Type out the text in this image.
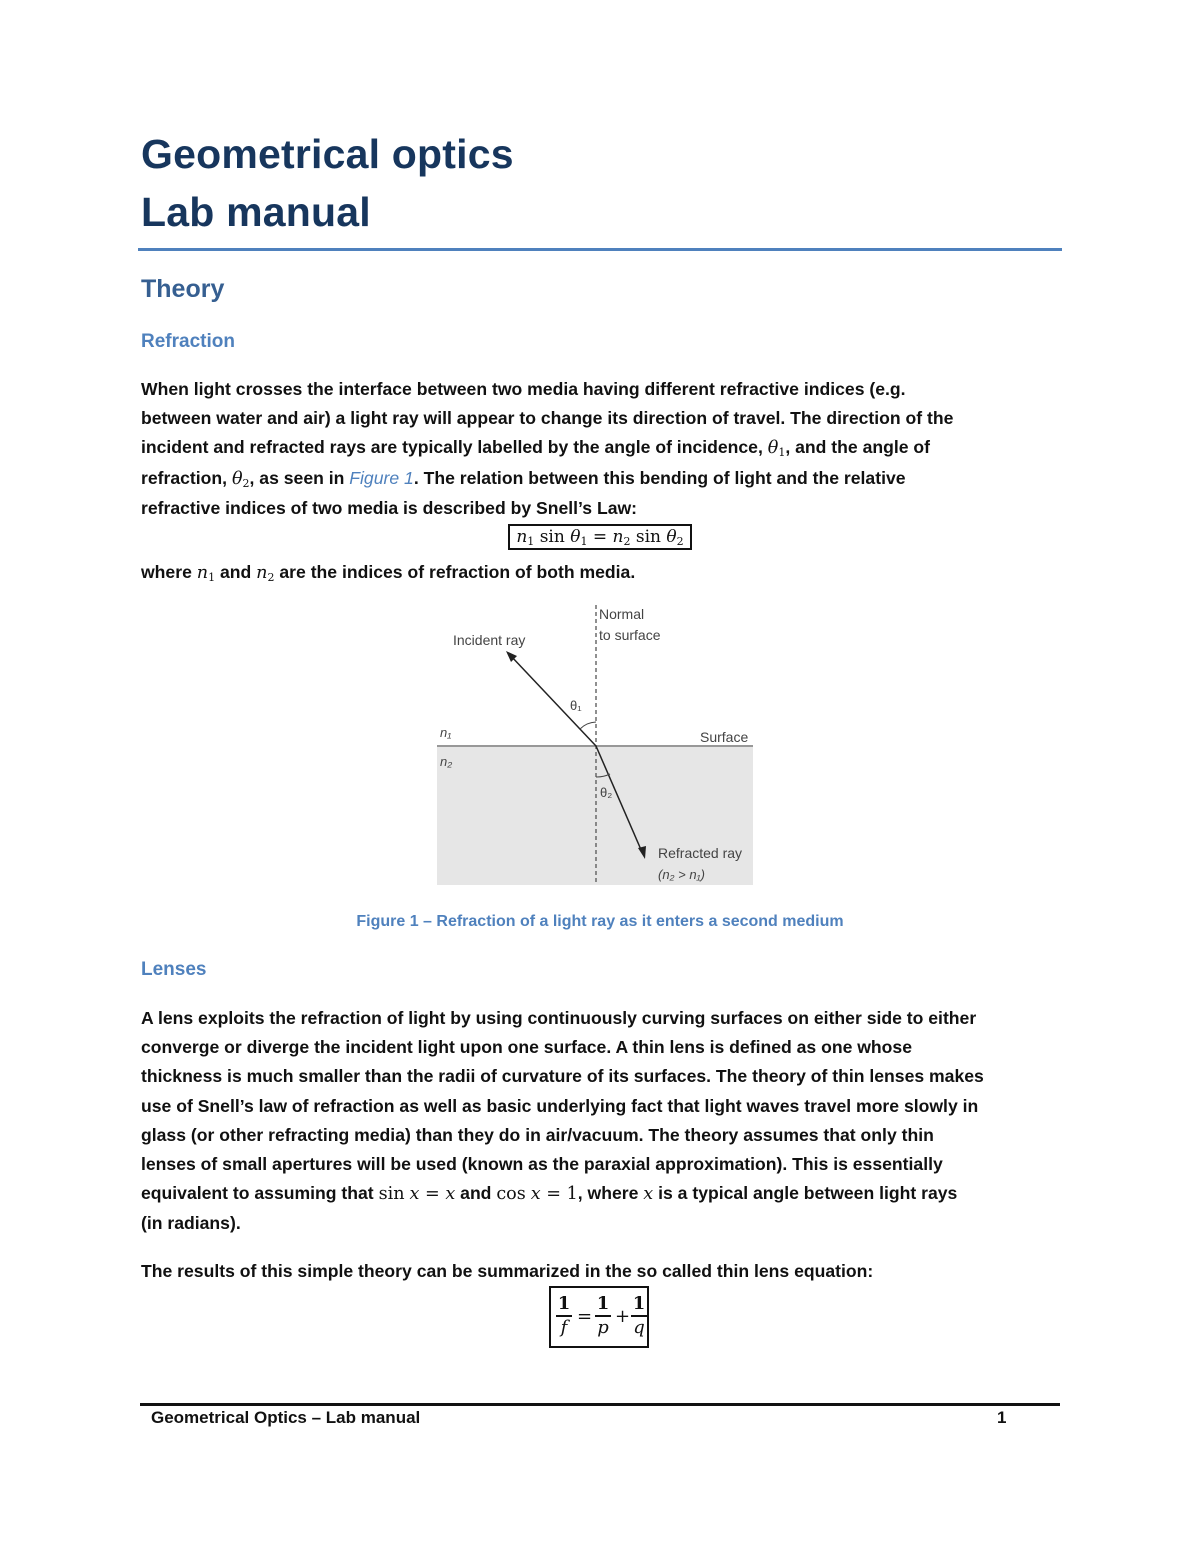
Geometrical optics
Lab manual
Theory
Refraction

When light crosses the interface between two media having different refractive indices (e.g.

between water and air) a light ray will appear to change its direction of travel. The direction of the

incident and refracted rays are typically labelled by the angle of incidence, $\theta_1$, and the angle of

refraction, $\theta_2$, as seen in Figure 1. The relation between this bending of light and the relative

refractive indices of two media is described by Snell’s Law:

$n_1$ $\sin \theta_1 = n_2$ $\sin \theta_2$

where $n_1$ and $n_2$ are the indices of refraction of both media.

Normal
to surface
Incident ray
Surface
Refracted ray
(n₂ > n₁)
n₁
n₂
θ₁
θ₂
Figure 1 – Refraction of a light ray as it enters a second medium
Lenses

A lens exploits the refraction of light by using continuously curving surfaces on either side to either

converge or diverge the incident light upon one surface. A thin lens is defined as one whose

thickness is much smaller than the radii of curvature of its surfaces. The theory of thin lenses makes

use of Snell’s law of refraction as well as basic underlying fact that light waves travel more slowly in

glass (or other refracting media) than they do in air/vacuum. The theory assumes that only thin

lenses of small apertures will be used (known as the paraxial approximation). This is essentially

equivalent to assuming that sin x = x and cos x = 1, where x is a typical angle between light rays

(in radians).

The results of this simple theory can be summarized in the so called thin lens equation:

1
f
=
1
p
+
1
q
Geometrical Optics – Lab manual	1
